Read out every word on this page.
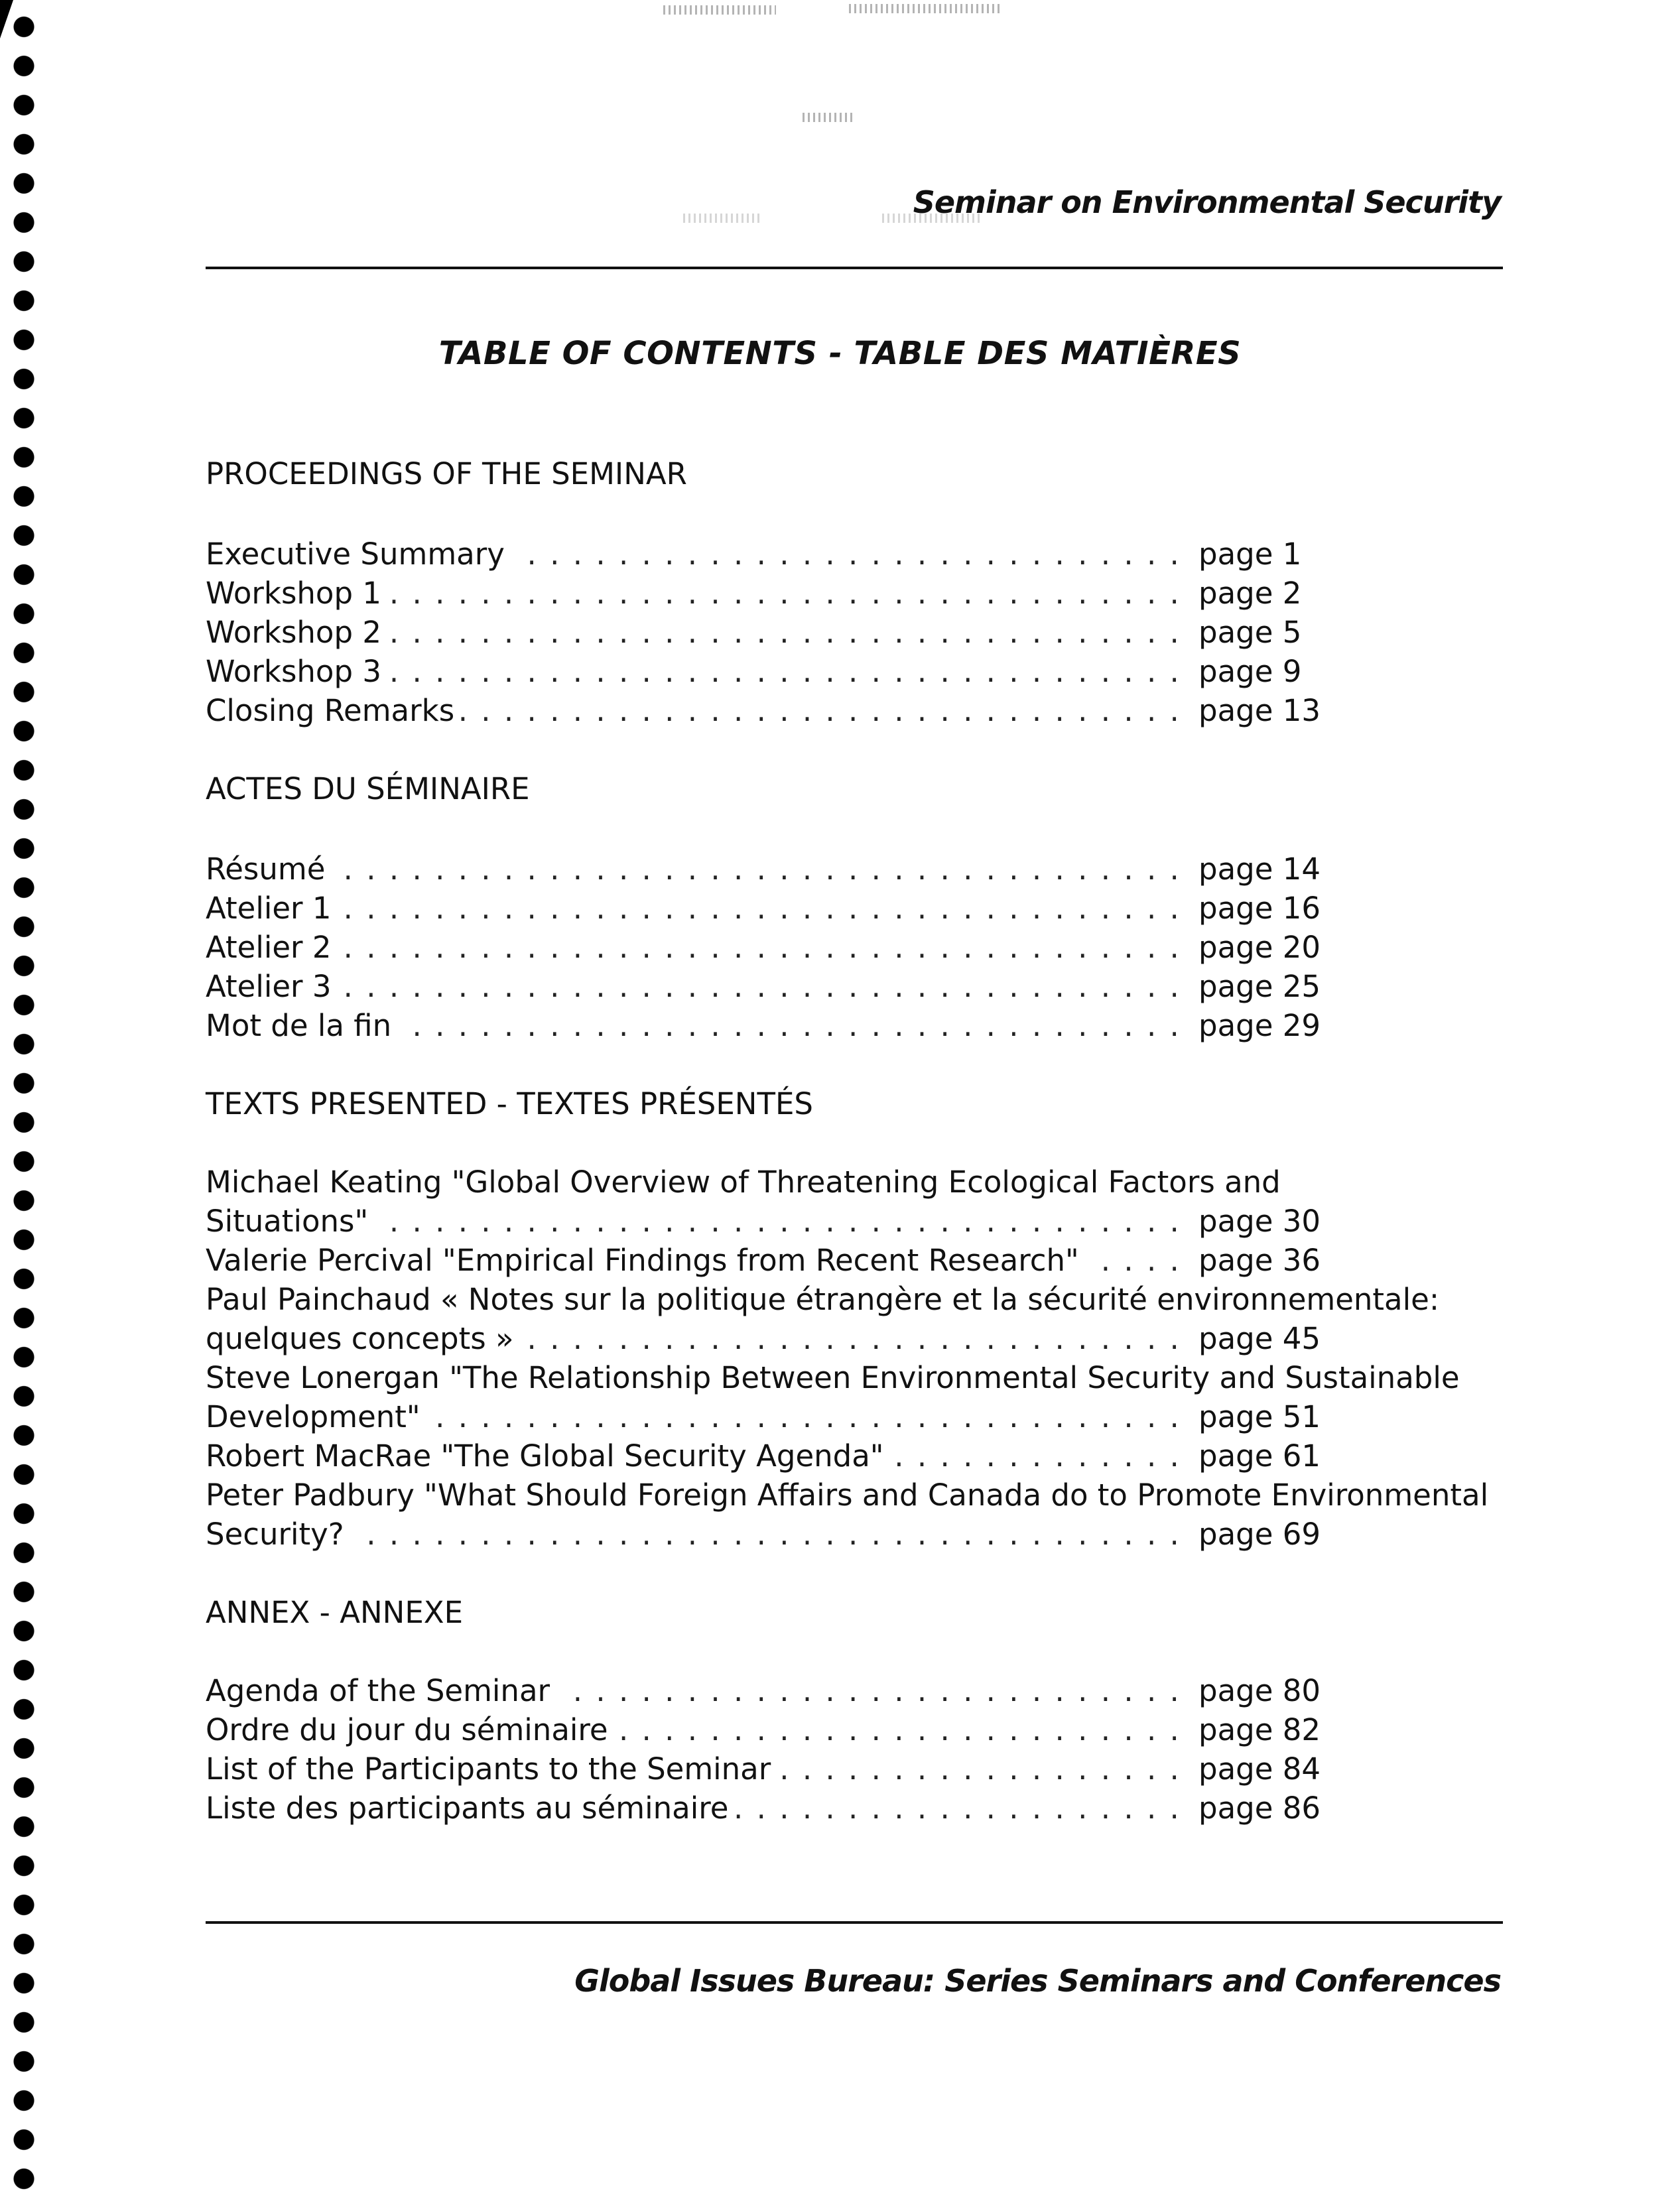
Seminar on Environmental Security
TABLE OF CONTENTS - TABLE DES MATIÈRES
PROCEEDINGS OF THE SEMINAR
Executive Summary . . .	page 1
Workshop 1 . . .	page 2
Workshop 2 . . .	page 5
Workshop 3 . . .	page 9
Closing Remarks . . .	page 13
ACTES DU SÉMINAIRE
Résumé . . .	page 14
Atelier 1 . . .	page 16
Atelier 2 . . .	page 20
Atelier 3 . . .	page 25
Mot de la fin . . .	page 29
TEXTS PRESENTED - TEXTES PRÉSENTÉS
Michael Keating "Global Overview of Threatening Ecological Factors and
Situations" . . .	page 30
Valerie Percival "Empirical Findings from Recent Research" . . .	page 36
Paul Painchaud « Notes sur la politique étrangère et la sécurité environnementale:
quelques concepts » . . .	page 45
Steve Lonergan "The Relationship Between Environmental Security and Sustainable
Development" . . .	page 51
Robert MacRae "The Global Security Agenda" . . .	page 61
Peter Padbury "What Should Foreign Affairs and Canada do to Promote Environmental
Security? . . .	page 69
ANNEX - ANNEXE
Agenda of the Seminar . . .	page 80
Ordre du jour du séminaire . . .	page 82
List of the Participants to the Seminar . . .	page 84
Liste des participants au séminaire . . .	page 86
Global Issues Bureau: Series Seminars and Conferences
